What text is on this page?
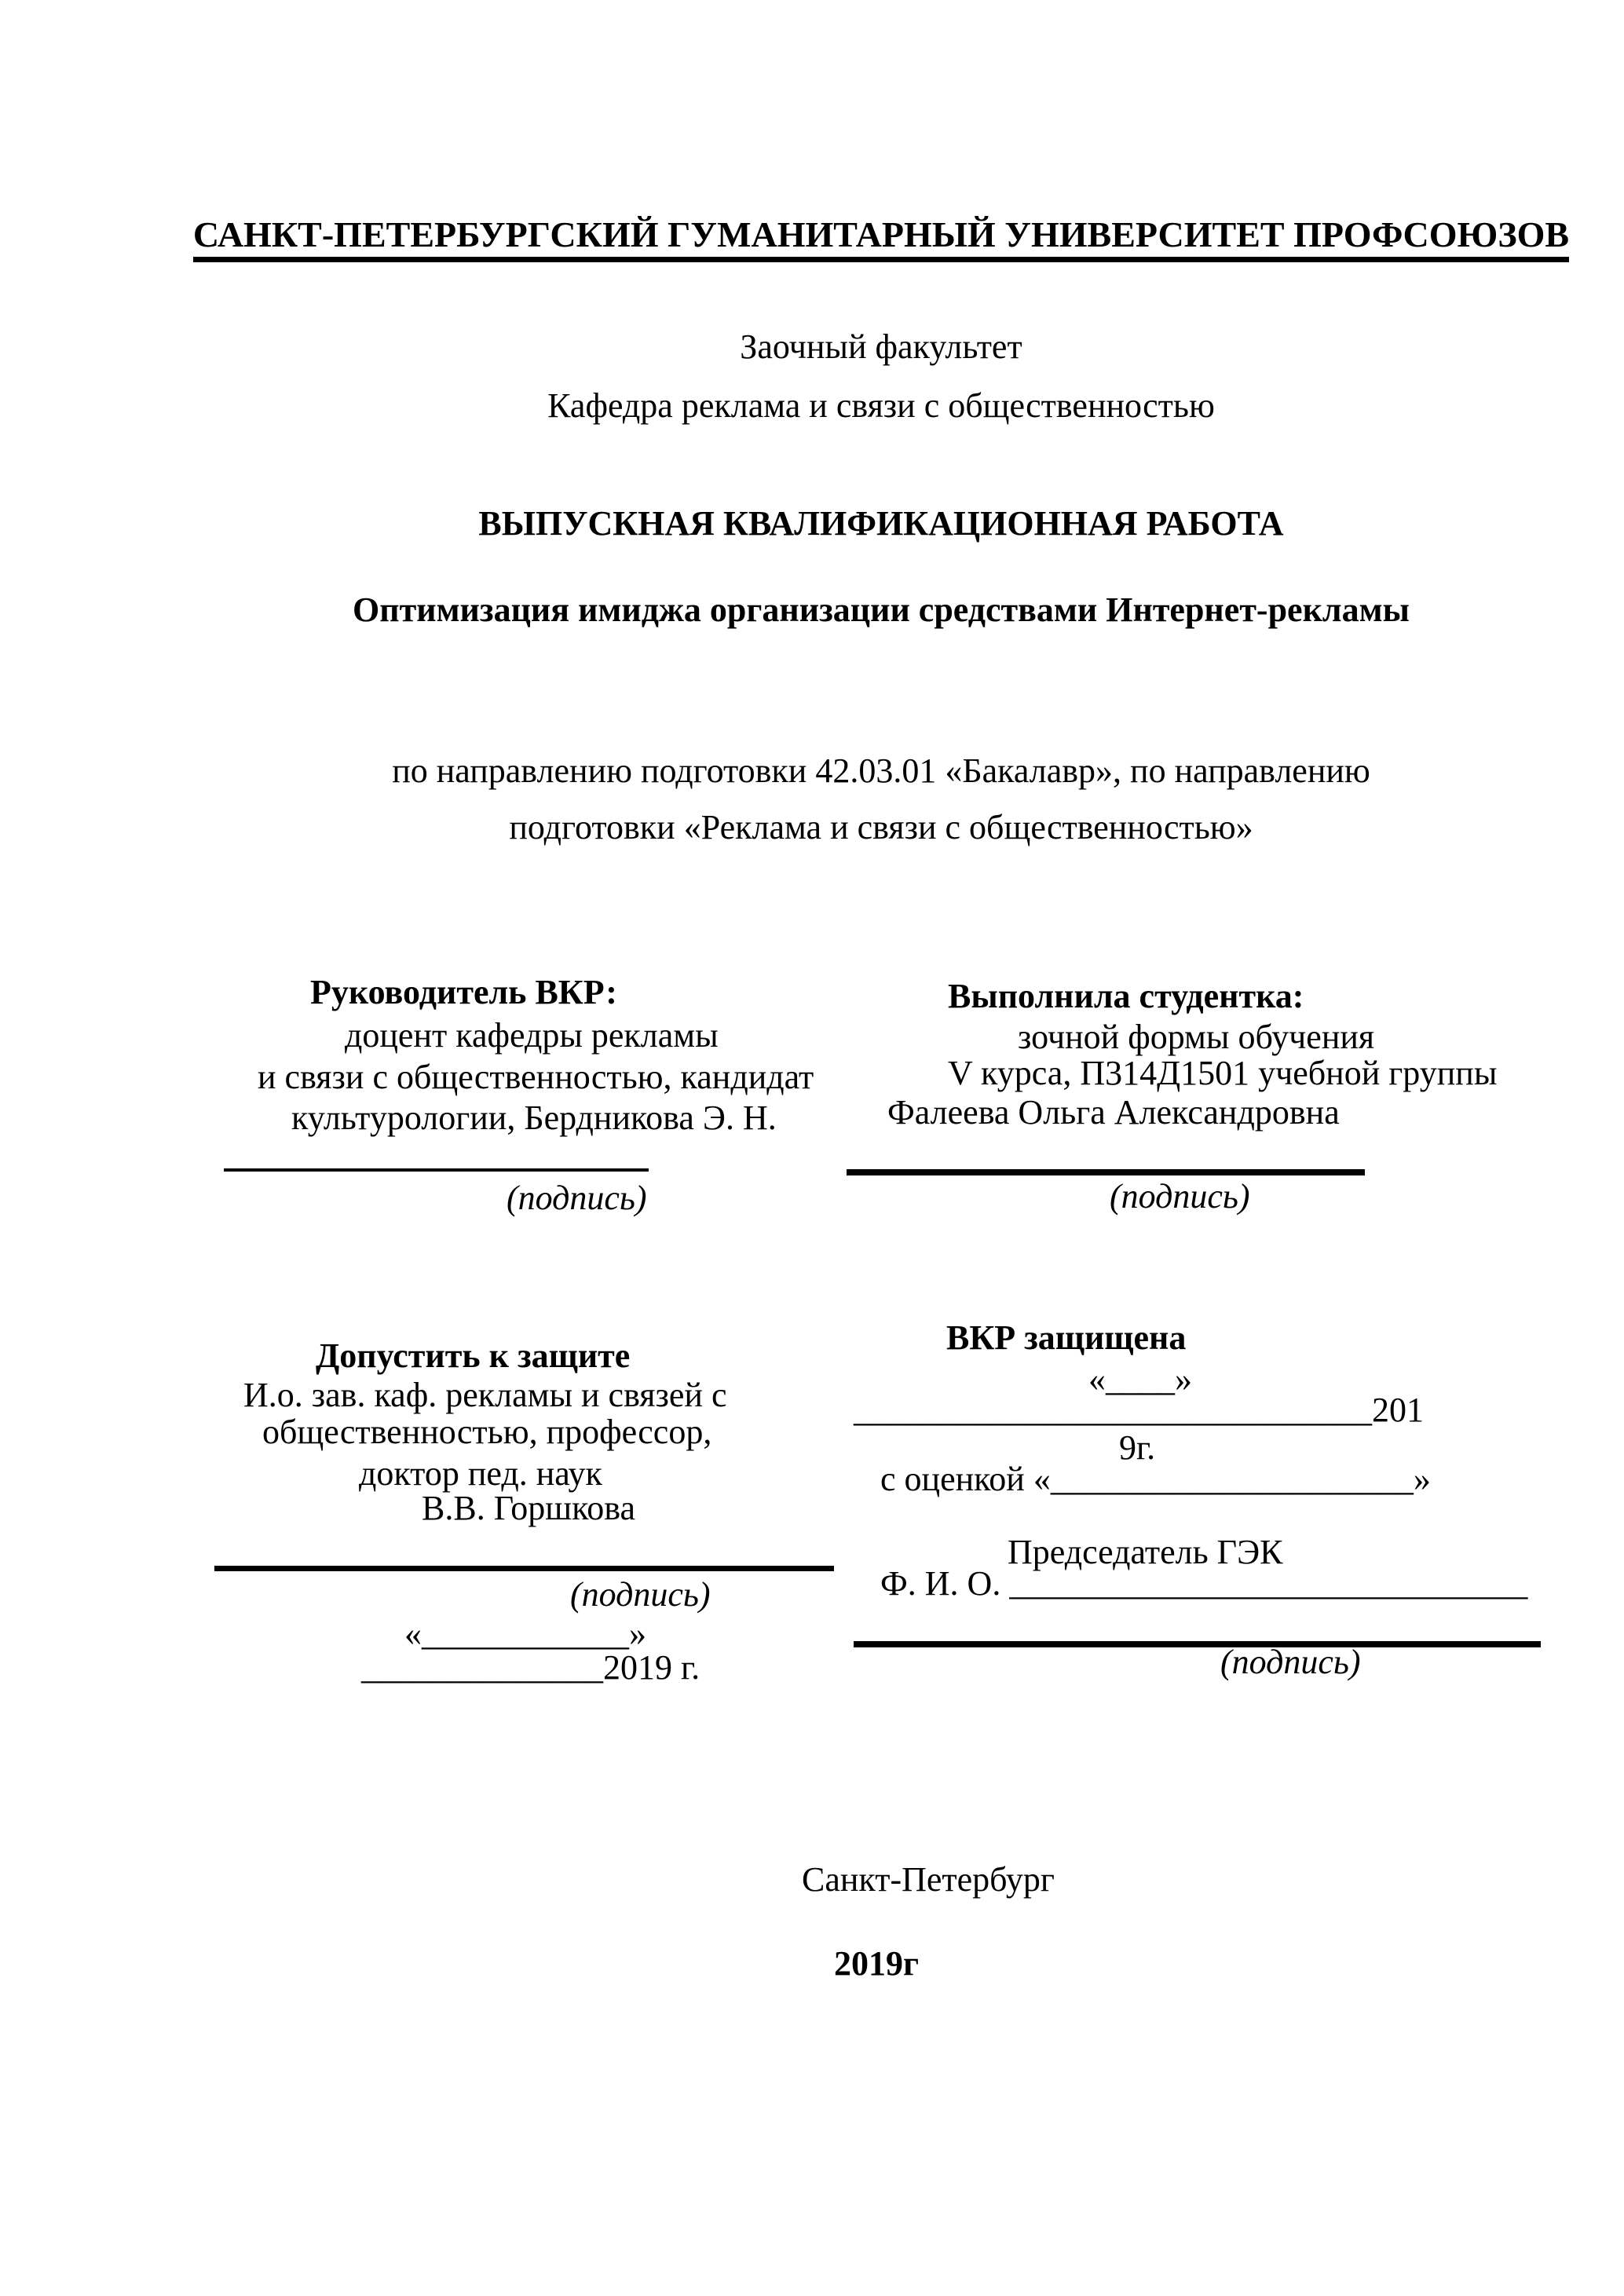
САНКТ-ПЕТЕРБУРГСКИЙ ГУМАНИТАРНЫЙ УНИВЕРСИТЕТ ПРОФСОЮЗОВ
Заочный факультет
Кафедра реклама и связи с общественностью
ВЫПУСКНАЯ КВАЛИФИКАЦИОННАЯ РАБОТА
Оптимизация имиджа организации средствами Интернет-рекламы
по направлению подготовки 42.03.01 «Бакалавр», по направлению
подготовки «Реклама и связи с общественностью»
Руководитель ВКР:
доцент кафедры рекламы
и связи с общественностью, кандидат
культурологии, Бердникова Э. Н.
(подпись)
Выполнила студентка:
зочной формы обучения
V курса, П314Д1501 учебной группы
Фалеева Ольга Александровна
(подпись)
Допустить к защите
И.о. зав. каф. рекламы и связей с
общественностью, профессор,
доктор пед. наук
В.В. Горшкова
(подпись)
«____________»
______________2019 г.
ВКР защищена
«____»
______________________________201
9г.
с оценкой «_____________________»
Председатель ГЭК
Ф. И. О. ______________________________
(подпись)
Санкт-Петербург
2019г
